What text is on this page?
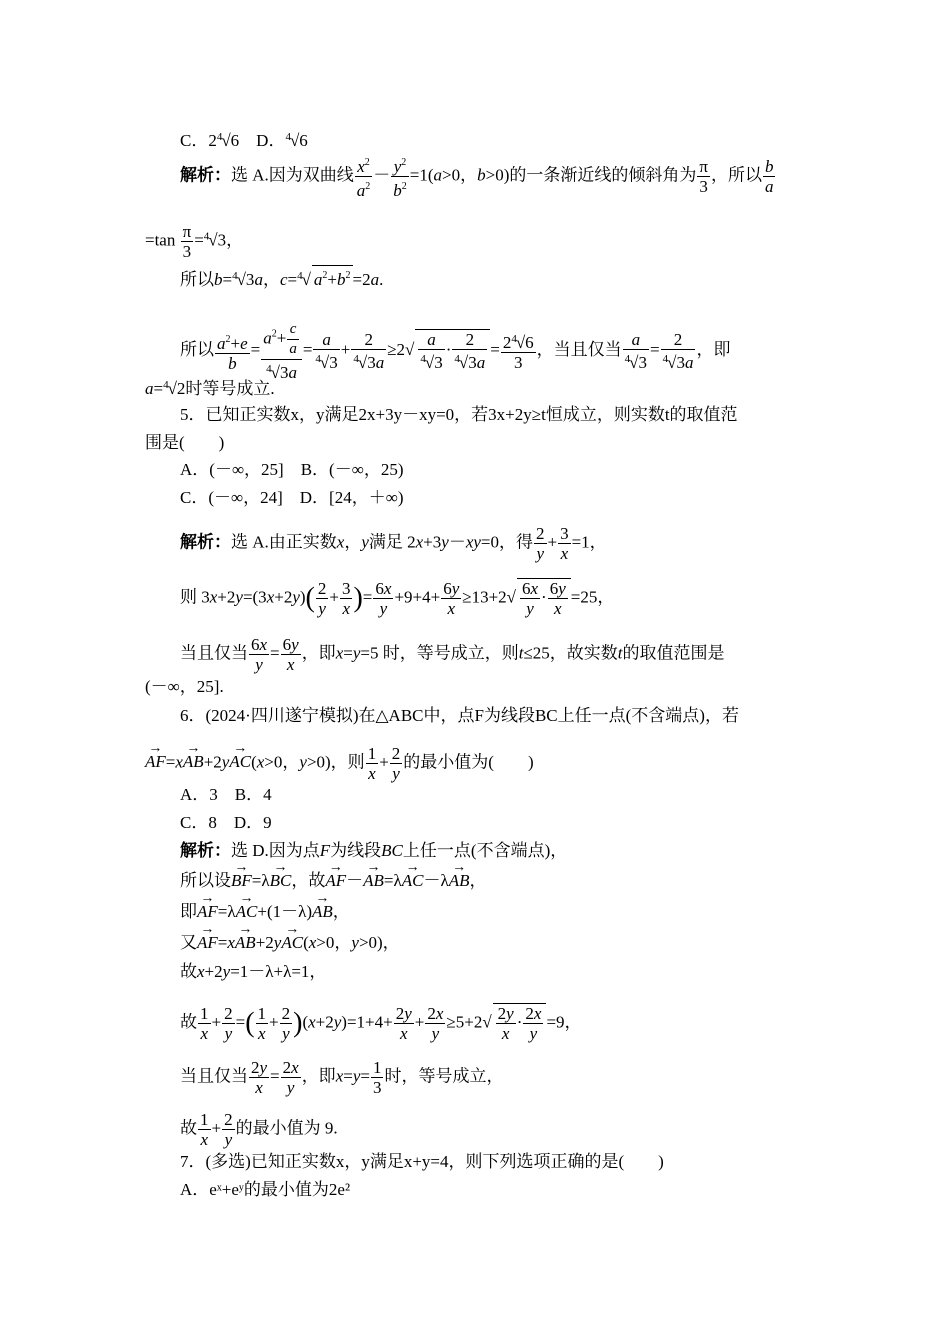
C．$2^4√6$　D．$^4$√6
解析：选 A.因为双曲线 $\frac{x^2}{a^2} - \frac{y^2}{b^2} =1(a>0$，b>0)的一条渐近线的倾斜角为 $\frac{\pi}{3}$ ，所以 $\frac{b}{a}$
$=\tan \frac{\pi}{3} =^4√3$，
所以b=$^4$√3a，c=$^4$√ $a^2+b^2 =2a$.
所以 $\frac{a^2+e}{b} = \frac{a^2+ \frac{c}{a}}{^4√3a} = \frac{a}{^4√3} + \frac{2}{^4√3a} \ge 2√ \frac{a}{^4√3} \cdot \frac{2}{^4√3a} = \frac{2^4√6}{3}$ ，当且仅当 $\frac{a}{^4√3} = \frac{2}{^4√3a}$ ，即
a=$^4$√2时等号成立.
5．已知正实数x，y满足2x+3y－xy=0，若3x+2y≥t恒成立，则实数t的取值范
围是(　　)
A．(－∞，25]　B．(－∞，25)
C．(－∞，24]　D．[24，＋∞)
解析：选 A.由正实数x，y满足 2x+3y－xy=0，得 $\frac{2}{y} + \frac{3}{x} =1$，
则 $3x+2y=(3x+2y)( \frac{2}{y} + \frac{3}{x}$ )= $\frac{6x}{y} +9+4+ \frac{6y}{x} \ge 13+2√ \frac{6x}{y} \cdot \frac{6y}{x} =25$，
当且仅当 $\frac{6x}{y} = \frac{6y}{x}$ ，即x=y=5 时，等号成立，则t≤25，故实数t的取值范围是
(－∞，25].
6．(2024·四川遂宁模拟)在△ABC中，点F为线段BC上任一点(不含端点)，若
→ AF=x→ AB+2y→ AC(x>0，y>0)，则 $\frac{1}{x} + \frac{2}{y}$ 的最小值为(　　)
A．3　B．4
C．8　D．9
解析：选 D.因为点F为线段BC上任一点(不含端点)，
所以设→ BF=λ→ BC，故→ AF－→ AB=λ→ AC－λ→ AB，
即→ AF=λ→ AC+(1－λ)→ AB，
又→ AF=x→ AB+2y→ AC(x>0，y>0)，
故x+2y=1－λ+λ=1，
故 $\frac{1}{x} + \frac{2}{y}$ =( $\frac{1}{x} + \frac{2}{y} )(x+2y)=1+4+ \frac{2y}{x} + \frac{2x}{y} \ge 5+2√ \frac{2y}{x} \cdot \frac{2x}{y} =9$，
当且仅当 $\frac{2y}{x} = \frac{2x}{y}$ ，即$x=y= \frac{1}{3}$ 时，等号成立，
故 $\frac{1}{x} + \frac{2}{y}$ 的最小值为 9.
7．(多选)已知正实数x，y满足x+y=4，则下列选项正确的是(　　)
A．eˣ+eʸ的最小值为2e²
